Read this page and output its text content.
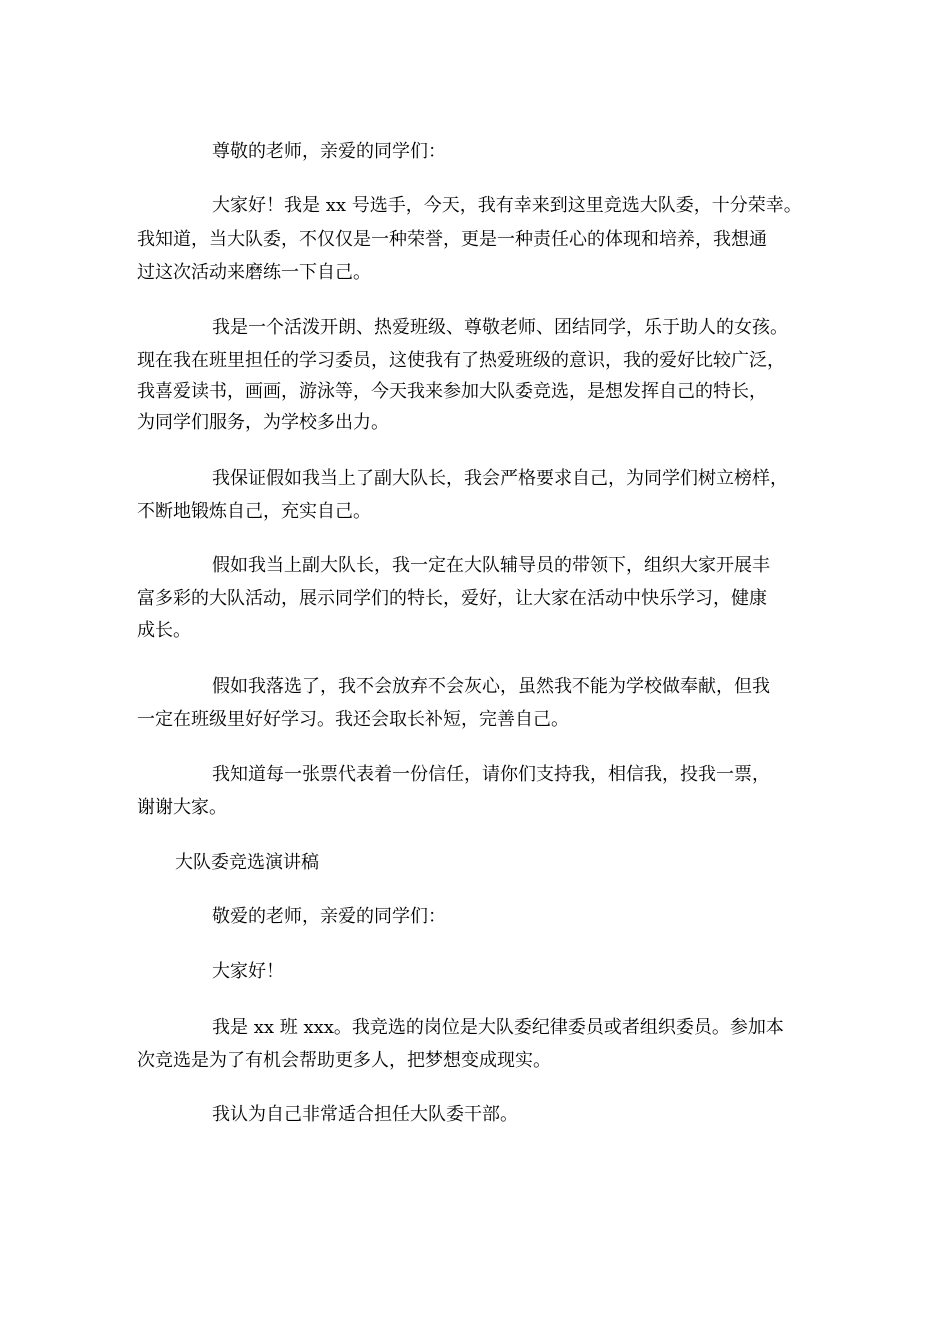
尊敬的老师，亲爱的同学们：
大家好！我是 xx 号选手，今天，我有幸来到这里竞选大队委，十分荣幸。
我知道，当大队委，不仅仅是一种荣誉，更是一种责任心的体现和培养，我想通
过这次活动来磨练一下自己。
我是一个活泼开朗、热爱班级、尊敬老师、团结同学，乐于助人的女孩。
现在我在班里担任的学习委员，这使我有了热爱班级的意识，我的爱好比较广泛，
我喜爱读书，画画，游泳等，今天我来参加大队委竞选，是想发挥自己的特长，
为同学们服务，为学校多出力。
我保证假如我当上了副大队长，我会严格要求自己，为同学们树立榜样，
不断地锻炼自己，充实自己。
假如我当上副大队长，我一定在大队辅导员的带领下，组织大家开展丰
富多彩的大队活动，展示同学们的特长，爱好，让大家在活动中快乐学习，健康
成长。
假如我落选了，我不会放弃不会灰心，虽然我不能为学校做奉献，但我
一定在班级里好好学习。我还会取长补短，完善自己。
我知道每一张票代表着一份信任，请你们支持我，相信我，投我一票，
谢谢大家。
大队委竞选演讲稿
敬爱的老师，亲爱的同学们：
大家好！
我是 xx 班 xxx。我竞选的岗位是大队委纪律委员或者组织委员。参加本
次竞选是为了有机会帮助更多人，把梦想变成现实。
我认为自己非常适合担任大队委干部。
